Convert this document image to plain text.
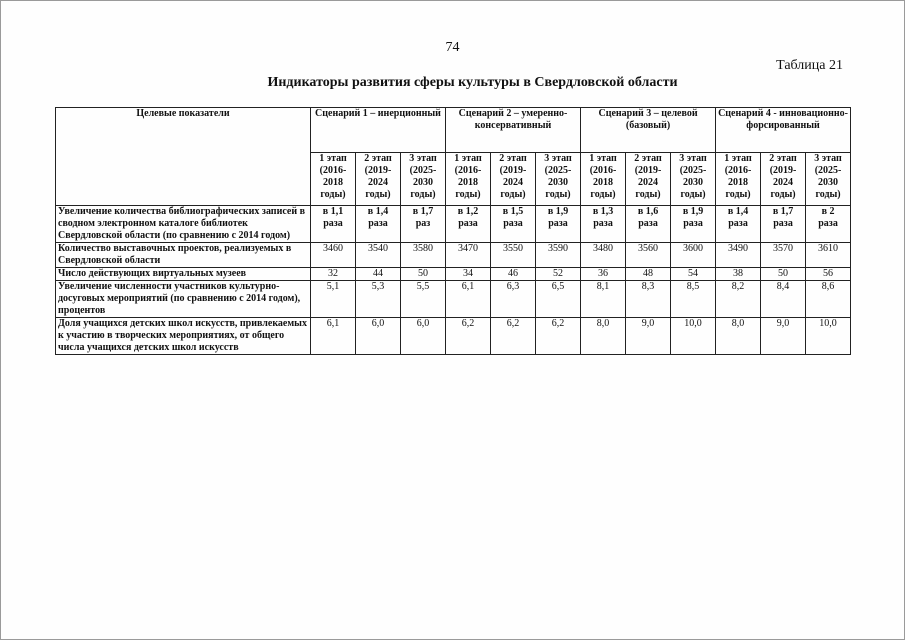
74
Таблица 21
Индикаторы развития сферы культуры в Свердловской области
Целевые показатели	Сценарий 1 – инерционный			Сценарий 2 – умеренно-консервативный			Сценарий 3 – целевой (базовый)			Сценарий 4 - инновационно-форсированный		

	1 этап
(2016-
2018
годы)	2 этап
(2019-
2024
годы)	3 этап
(2025-
2030
годы)	1 этап
(2016-
2018
годы)	2 этап
(2019-
2024
годы)	3 этап
(2025-
2030
годы)	1 этап
(2016-
2018
годы)	2 этап
(2019-
2024
годы)	3 этап
(2025-
2030
годы)	1 этап
(2016-
2018
годы)	2 этап
(2019-
2024
годы)	3 этап
(2025-
2030
годы)

Увеличение количества библиографических записей в сводном электронном каталоге библиотек Свердловской области (по сравнению с 2014 годом)	в 1,1
раза	в 1,4
раза	в 1,7
раз	в 1,2
раза	в 1,5
раза	в 1,9
раза	в 1,3
раза	в 1,6
раза	в 1,9
раза	в 1,4
раза	в 1,7
раза	в 2
раза

Количество выставочных проектов, реализуемых в Свердловской области	3460	3540	3580	3470	3550	3590	3480	3560	3600	3490	3570	3610
Число действующих виртуальных музеев	32	44	50	34	46	52	36	48	54	38	50	56
Увеличение численности участников культурно-досуговых мероприятий (по сравнению с 2014 годом), процентов	5,1	5,3	5,5	6,1	6,3	6,5	8,1	8,3	8,5	8,2	8,4	8,6
Доля учащихся детских школ искусств, привлекаемых к участию в творческих мероприятиях, от общего числа учащихся детских школ искусств	6,1	6,0	6,0	6,2	6,2	6,2	8,0	9,0	10,0	8,0	9,0	10,0
